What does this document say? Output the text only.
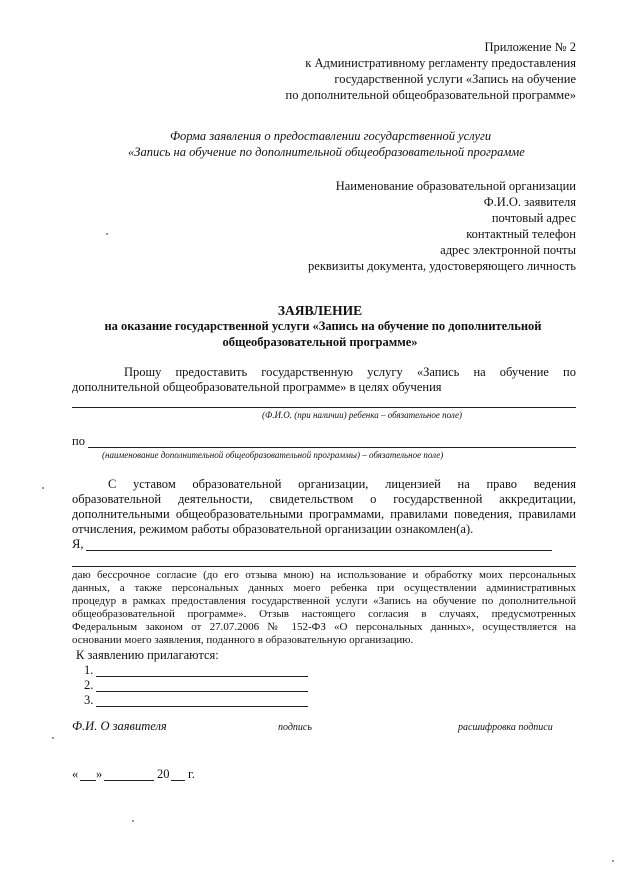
Приложение № 2
к Административному регламенту предоставления
государственной услуги «Запись на обучение
по дополнительной общеобразовательной программе»
Форма заявления о предоставлении государственной услуги
«Запись на обучение по дополнительной общеобразовательной программе
Наименование образовательной организации
Ф.И.О. заявителя
почтовый адрес
контактный телефон
адрес электронной почты
реквизиты документа, удостоверяющего личность
ЗАЯВЛЕНИЕ
на оказание государственной услуги «Запись на обучение по дополнительной
общеобразовательной программе»
Прошу предоставить государственную услугу «Запись на обучение по
дополнительной общеобразовательной программе» в целях обучения
(Ф.И.О. (при наличии) ребенка – обязательное поле)
по
(наименование дополнительной общеобразовательной программы) – обязательное поле)
С уставом образовательной организации, лицензией на право ведения
образовательной деятельности, свидетельством о государственной аккредитации,
дополнительными общеобразовательными программами, правилами поведения, правилами
отчисления, режимом работы образовательной организации ознакомлен(а).
Я,
даю бессрочное согласие (до его отзыва мною) на использование и обработку моих персональных
данных, а также персональных данных моего ребенка при осуществлении административных
процедур в рамках предоставления государственной услуги «Запись на обучение по дополнительной
общеобразовательной программе». Отзыв настоящего согласия в случаях, предусмотренных
Федеральным законом от 27.07.2006 № 152-ФЗ «О персональных данных», осуществляется на
основании моего заявления, поданного в образовательную организацию.
К заявлению прилагаются:
1.
2.
3.
Ф.И. О заявителя	подпись	расшифровка подписи
« »	20 г.
